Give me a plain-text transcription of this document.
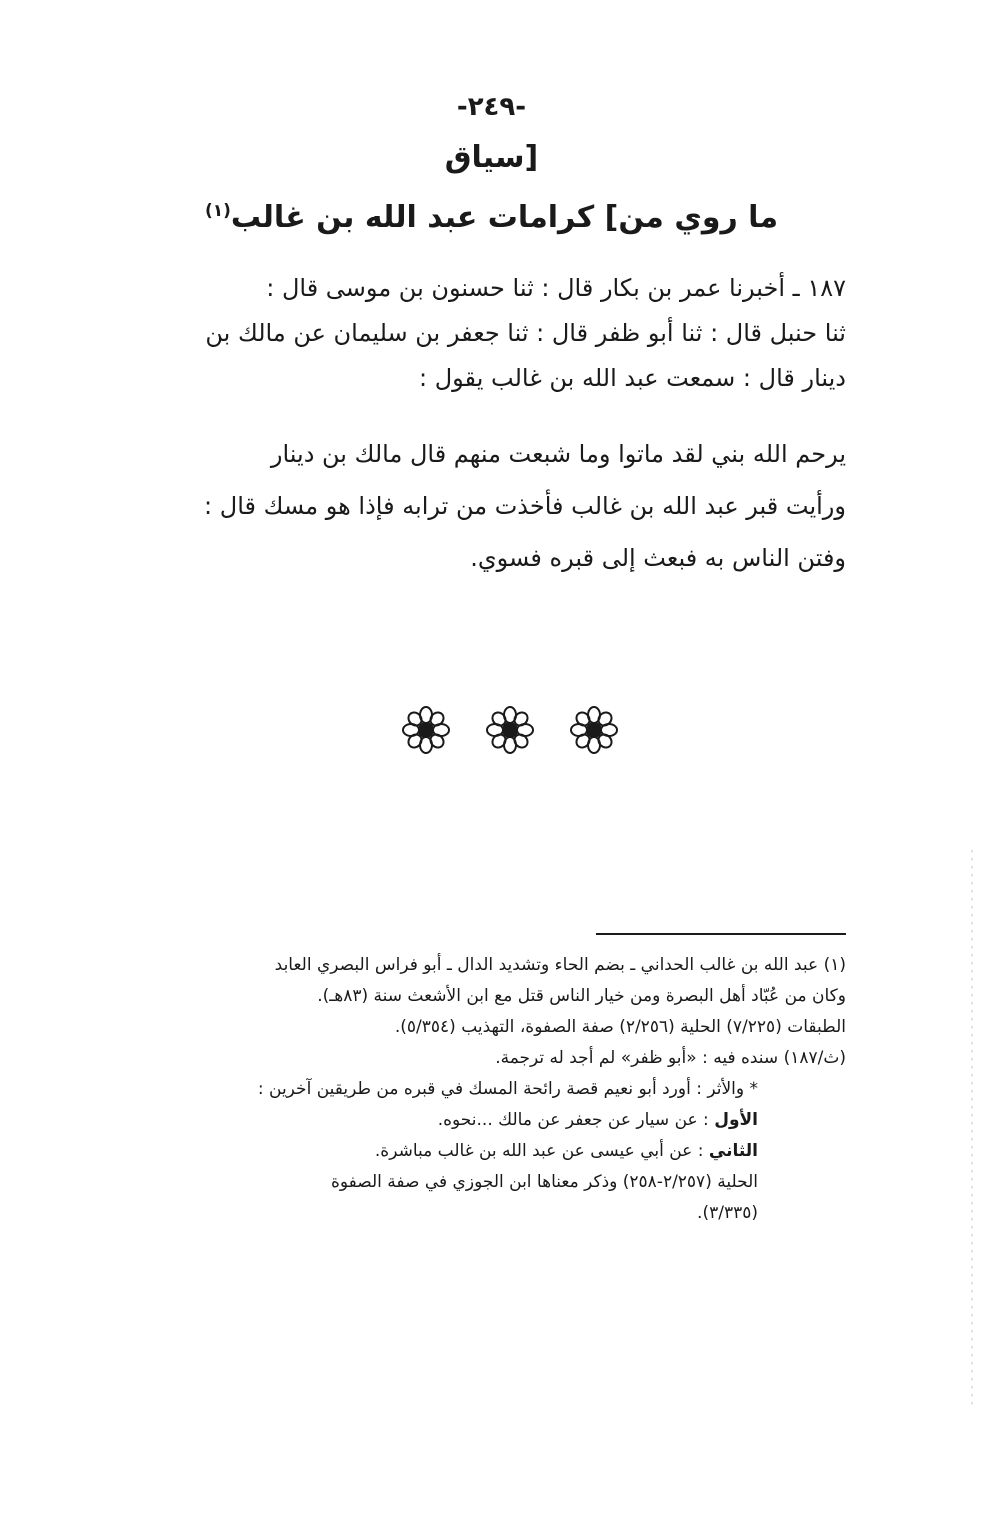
-٢٤٩-
[سياق
ما روي من] كرامات عبد الله بن غالب$^{(١)}$
١٨٧ ـ أخبرنا عمر بن بكار قال : ثنا حسنون بن موسى قال :
ثنا حنبل قال : ثنا أبو ظفر قال : ثنا جعفر بن سليمان عن مالك بن
دينار قال : سمعت عبد الله بن غالب يقول :
يرحم الله بني لقد ماتوا وما شبعت منهم قال مالك بن دينار
ورأيت قبر عبد الله بن غالب فأخذت من ترابه فإذا هو مسك قال :
وفتن الناس به فبعث إلى قبره فسوي.
(١) عبد الله بن غالب الحداني ـ بضم الحاء وتشديد الدال ـ أبو فراس البصري العابد
وكان من عُبّاد أهل البصرة ومن خيار الناس قتل مع ابن الأشعث سنة (٨٣هـ).
الطبقات (٧/٢٢٥) الحلية (٢/٢٥٦) صفة الصفوة، التهذيب (٥/٣٥٤).
(ث/١٨٧) سنده فيه : «أبو ظفر» لم أجد له ترجمة.
* والأثر : أورد أبو نعيم قصة رائحة المسك في قبره من طريقين آخرين :
الأول : عن سيار عن جعفر عن مالك ...نحوه.
الثاني : عن أبي عيسى عن عبد الله بن غالب مباشرة.
الحلية (٢/٢٥٧-٢٥٨) وذكر معناها ابن الجوزي في صفة الصفوة
(٣/٣٣٥).
